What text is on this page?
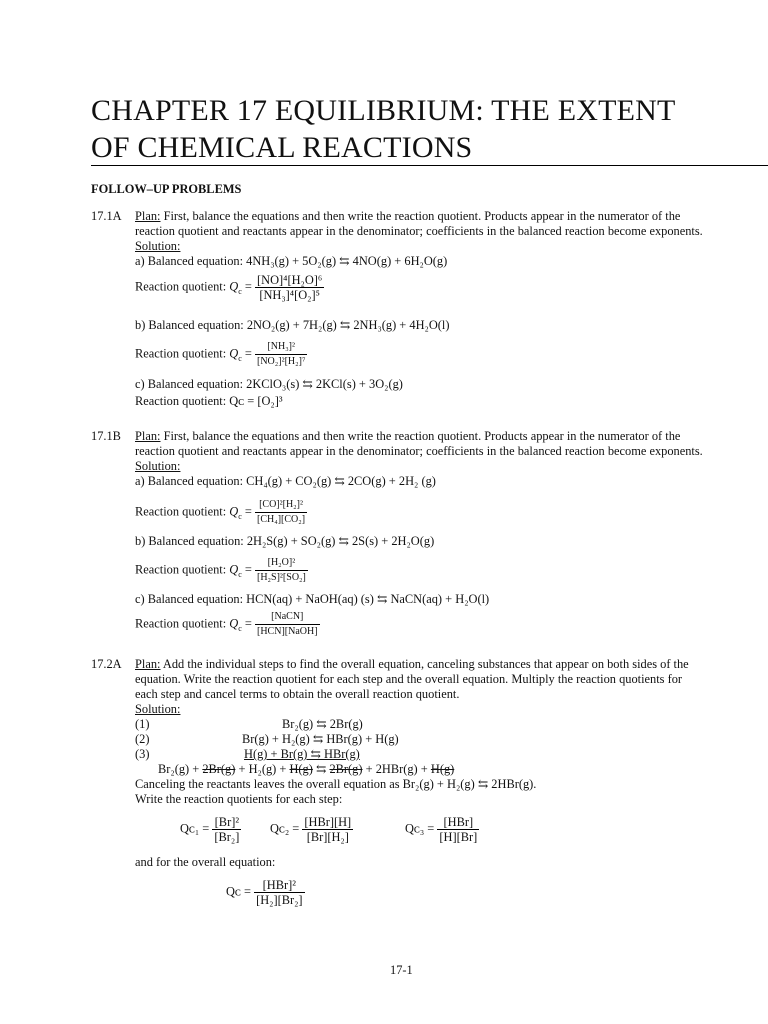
CHAPTER 17 EQUILIBRIUM: THE EXTENT
OF CHEMICAL REACTIONS
FOLLOW–UP PROBLEMS
17.1A Plan: First, balance the equations and then write the reaction quotient. Products appear in the numerator of the
reaction quotient and reactants appear in the denominator; coefficients in the balanced reaction become exponents.
Solution:
a) Balanced equation: 4NH₃(g) + 5O₂(g) ⇆ 4NO(g) + 6H₂O(g)
Reaction quotient: $Q_c = \frac{\text{[NO]⁴[H₂O]⁶}}{\text{[NH₃]⁴[O₂]⁵}}$
b) Balanced equation: 2NO₂(g) + 7H₂(g) ⇆ 2NH₃(g) + 4H₂O(l)
Reaction quotient: $Q_c = \frac{\text{[NH₃]²}}{\text{[NO₂]²[H₂]⁷}}$
c) Balanced equation: 2KClO₃(s) ⇆ 2KCl(s) + 3O₂(g)
Reaction quotient: Qᴄ = [O₂]³
17.1B Plan: First, balance the equations and then write the reaction quotient. Products appear in the numerator of the
reaction quotient and reactants appear in the denominator; coefficients in the balanced reaction become exponents.
Solution:
a) Balanced equation: CH₄(g) + CO₂(g) ⇆ 2CO(g) + 2H₂ (g)
Reaction quotient: $Q_c = \frac{\text{[CO]²[H₂]²}}{\text{[CH₄][CO₂]}}$
b) Balanced equation: 2H₂S(g) + SO₂(g) ⇆ 2S(s) + 2H₂O(g)
Reaction quotient: $Q_c = \frac{\text{[H₂O]²}}{\text{[H₂S]²[SO₂]}}$
c) Balanced equation: HCN(aq) + NaOH(aq) (s) ⇆ NaCN(aq) + H₂O(l)
Reaction quotient: $Q_c = \frac{\text{[NaCN]}}{\text{[HCN][NaOH]}}$
17.2A Plan: Add the individual steps to find the overall equation, canceling substances that appear on both sides of the
equation. Write the reaction quotient for each step and the overall equation. Multiply the reaction quotients for
each step and cancel terms to obtain the overall reaction quotient.
Solution:
(1)	Br₂(g) ⇆ 2Br(g)
(2)	Br(g) + H₂(g) ⇆ HBr(g) + H(g)
(3)	H(g) + Br(g) ⇆ HBr(g)
Br₂(g) + 2Br(g) + H₂(g) + H(g) ⇆ 2Br(g) + 2HBr(g) + H(g)
Canceling the reactants leaves the overall equation as Br₂(g) + H₂(g) ⇆ 2HBr(g).
Write the reaction quotients for each step:
Qᴄ₁ = $\frac{\text{[Br]²}}{\text{[Br₂]}}$ Qᴄ₂ = $\frac{\text{[HBr][H]}}{\text{[Br][H₂]}}$	Qᴄ₃ = $\frac{\text{[HBr]}}{[H][Br]}$
and for the overall equation:
Qᴄ = $\frac{\text{[HBr]²}}{\text{[H₂][Br₂]}}$
17-1
